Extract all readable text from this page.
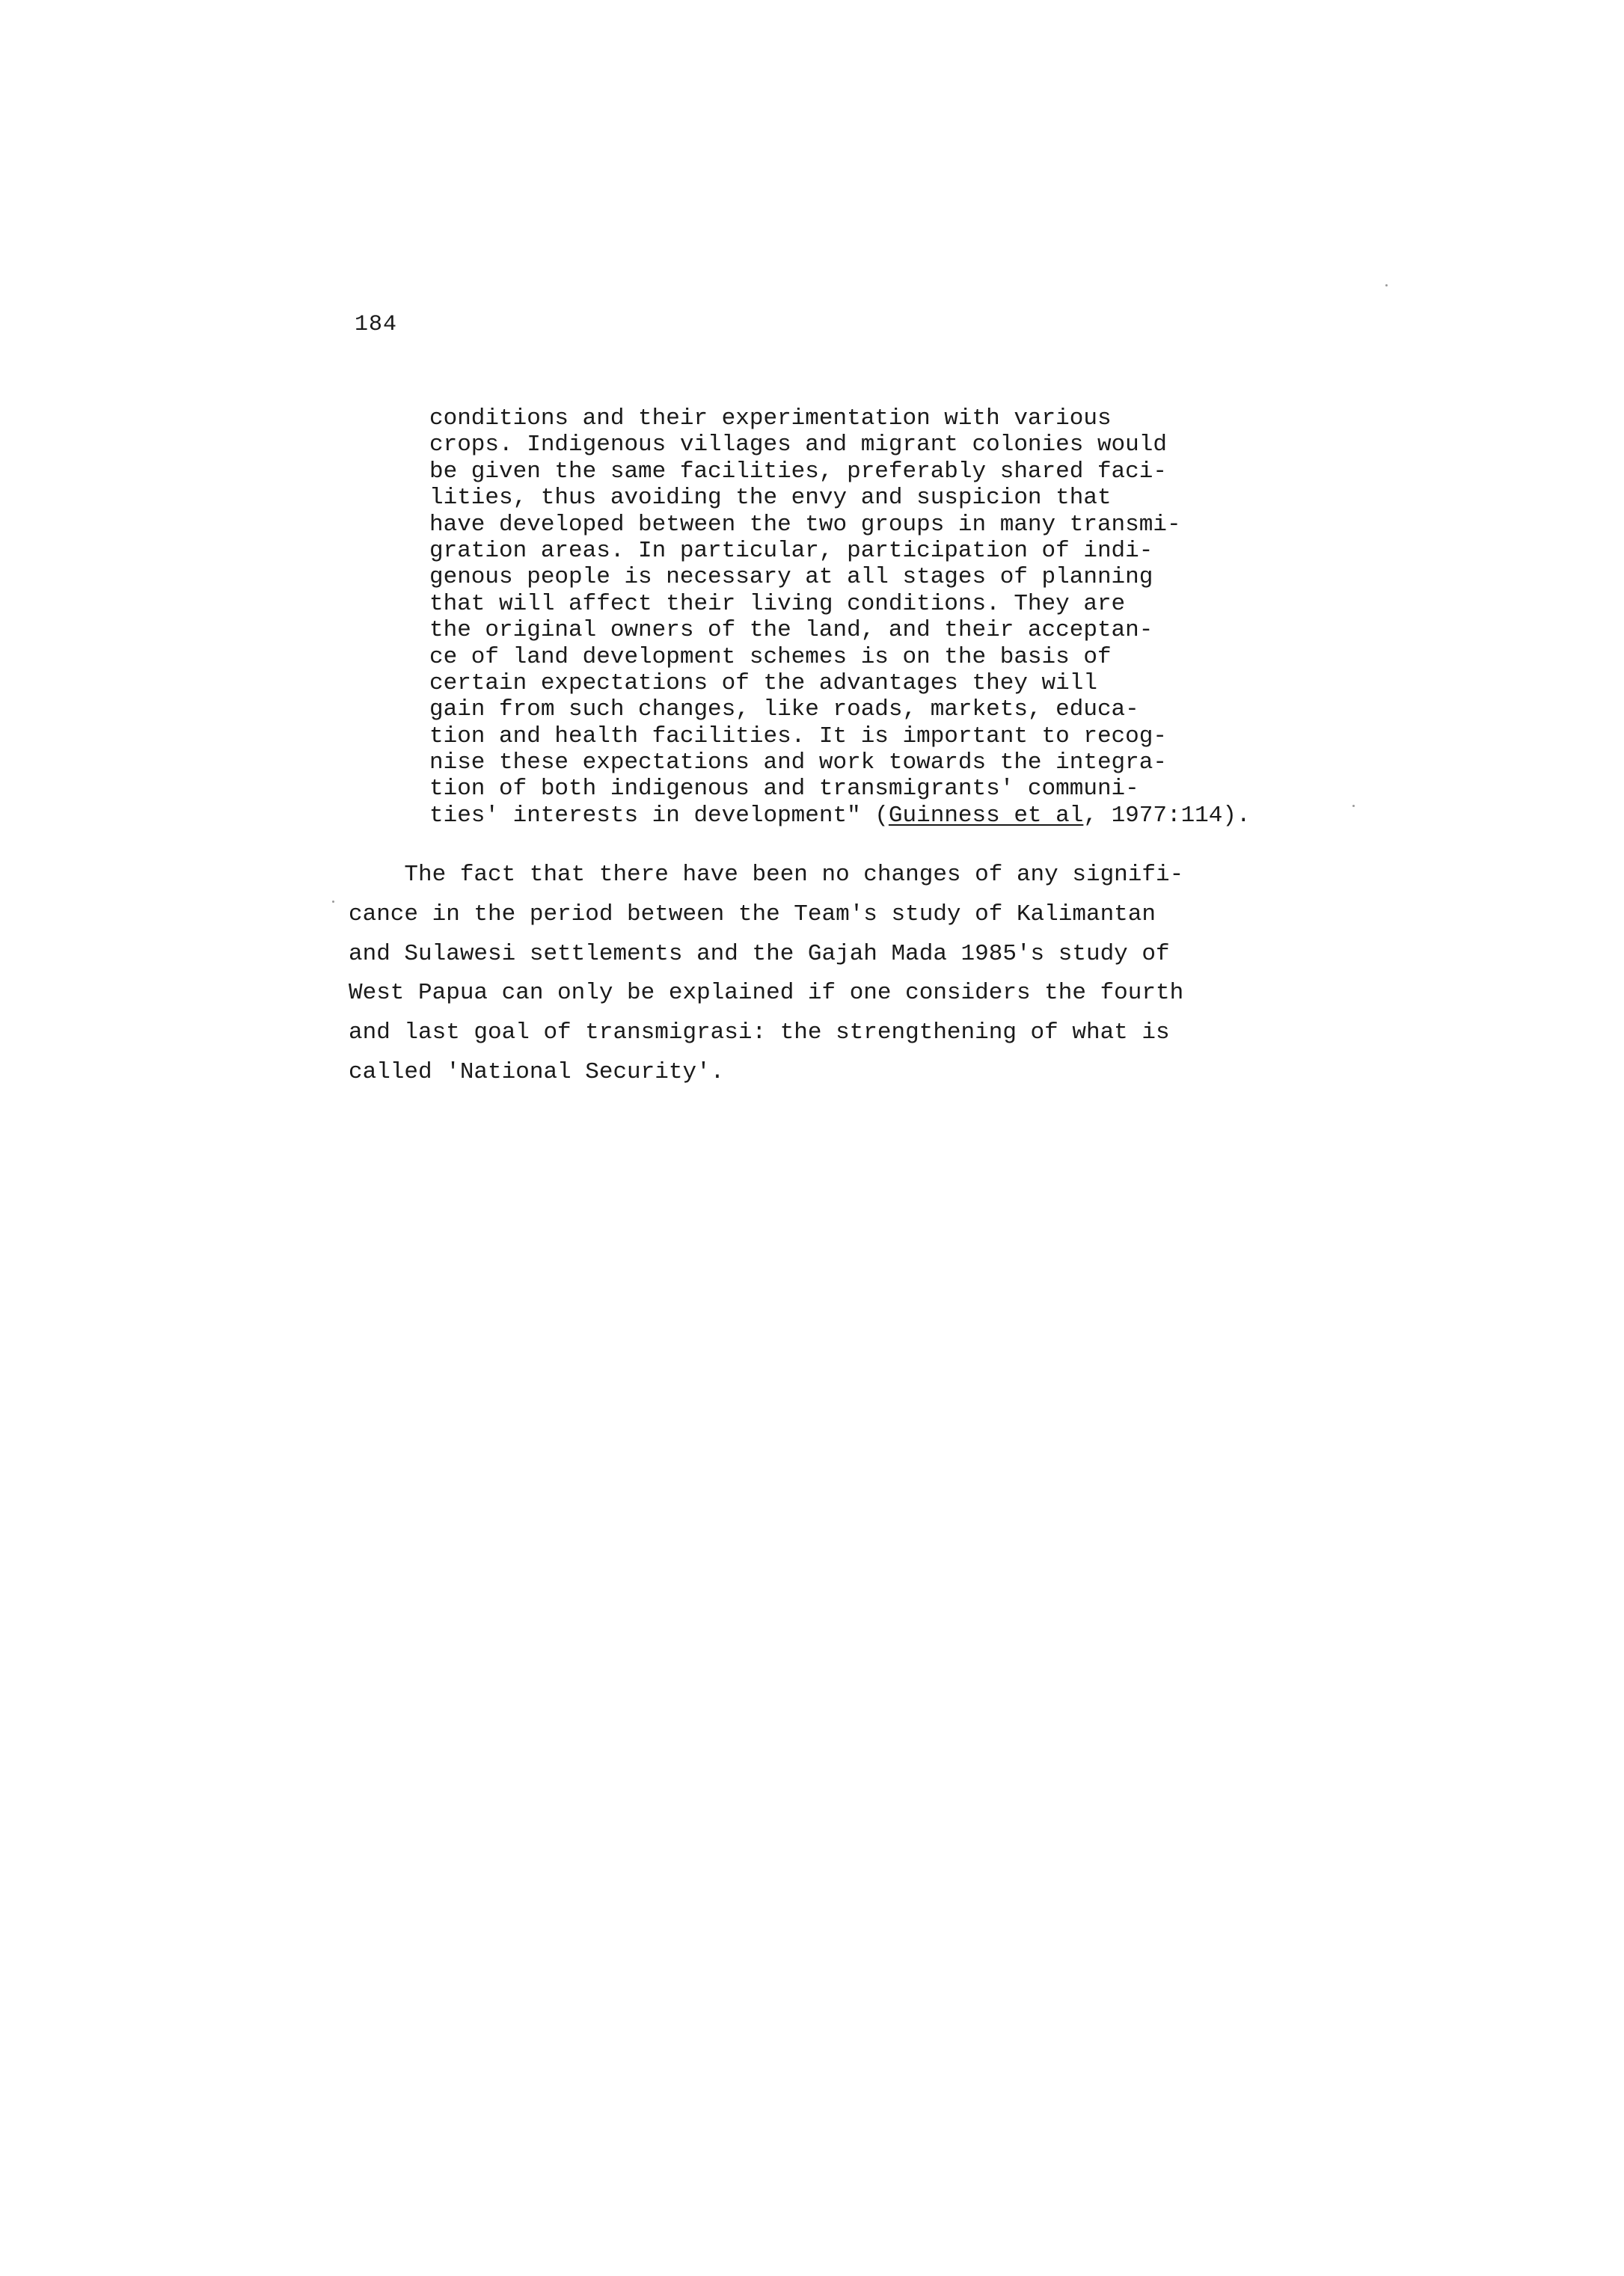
184
conditions and their experimentation with various
crops. Indigenous villages and migrant colonies would
be given the same facilities, preferably shared faci-
lities, thus avoiding the envy and suspicion that
have developed between the two groups in many transmi-
gration areas. In particular, participation of indi-
genous people is necessary at all stages of planning
that will affect their living conditions. They are
the original owners of the land, and their acceptan-
ce of land development schemes is on the basis of
certain expectations of the advantages they will
gain from such changes, like roads, markets, educa-
tion and health facilities. It is important to recog-
nise these expectations and work towards the integra-
tion of both indigenous and transmigrants' communi-
ties' interests in development" (Guinness et al, 1977:114).
The fact that there have been no changes of any signifi-
cance in the period between the Team's study of Kalimantan
and Sulawesi settlements and the Gajah Mada 1985's study of
West Papua can only be explained if one considers the fourth
and last goal of transmigrasi: the strengthening of what is
called 'National Security'.
